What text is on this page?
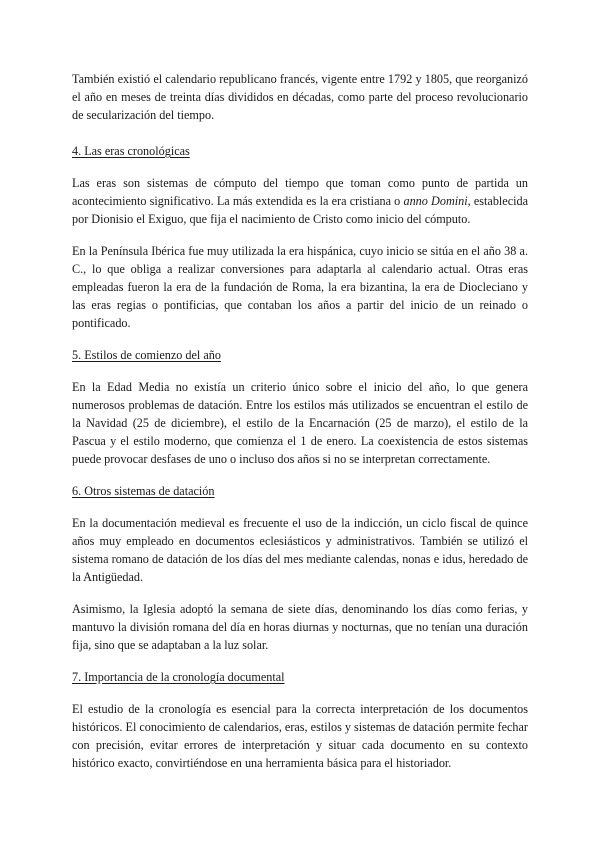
También existió el calendario republicano francés, vigente entre 1792 y 1805, que reorganizó el año en meses de treinta días divididos en décadas, como parte del proceso revolucionario de secularización del tiempo.

4. Las eras cronológicas

Las eras son sistemas de cómputo del tiempo que toman como punto de partida un acontecimiento significativo. La más extendida es la era cristiana o anno Domini, establecida por Dionisio el Exiguo, que fija el nacimiento de Cristo como inicio del cómputo.

En la Península Ibérica fue muy utilizada la era hispánica, cuyo inicio se sitúa en el año 38 a. C., lo que obliga a realizar conversiones para adaptarla al calendario actual. Otras eras empleadas fueron la era de la fundación de Roma, la era bizantina, la era de Diocleciano y las eras regias o pontificias, que contaban los años a partir del inicio de un reinado o pontificado.

5. Estilos de comienzo del año

En la Edad Media no existía un criterio único sobre el inicio del año, lo que genera numerosos problemas de datación. Entre los estilos más utilizados se encuentran el estilo de la Navidad (25 de diciembre), el estilo de la Encarnación (25 de marzo), el estilo de la Pascua y el estilo moderno, que comienza el 1 de enero. La coexistencia de estos sistemas puede provocar desfases de uno o incluso dos años si no se interpretan correctamente.

6. Otros sistemas de datación

En la documentación medieval es frecuente el uso de la indicción, un ciclo fiscal de quince años muy empleado en documentos eclesiásticos y administrativos. También se utilizó el sistema romano de datación de los días del mes mediante calendas, nonas e idus, heredado de la Antigüedad.

Asimismo, la Iglesia adoptó la semana de siete días, denominando los días como ferias, y mantuvo la división romana del día en horas diurnas y nocturnas, que no tenían una duración fija, sino que se adaptaban a la luz solar.

7. Importancia de la cronología documental

El estudio de la cronología es esencial para la correcta interpretación de los documentos históricos. El conocimiento de calendarios, eras, estilos y sistemas de datación permite fechar con precisión, evitar errores de interpretación y situar cada documento en su contexto histórico exacto, convirtiéndose en una herramienta básica para el historiador.
